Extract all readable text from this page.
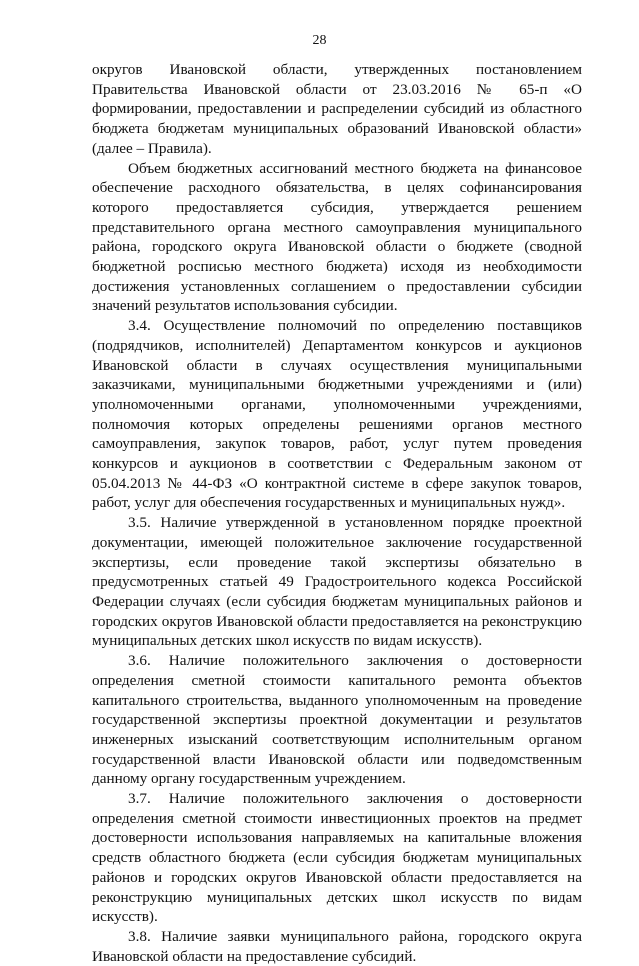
28

округов Ивановской области, утвержденных постановлением Правительства Ивановской области от 23.03.2016 № 65-п «О формировании, предоставлении и распределении субсидий из областного бюджета бюджетам муниципальных образований Ивановской области» (далее – Правила).

Объем бюджетных ассигнований местного бюджета на финансовое обеспечение расходного обязательства, в целях софинансирования которого предоставляется субсидия, утверждается решением представительного органа местного самоуправления муниципального района, городского округа Ивановской области о бюджете (сводной бюджетной росписью местного бюджета) исходя из необходимости достижения установленных соглашением о предоставлении субсидии значений результатов использования субсидии.

3.4. Осуществление полномочий по определению поставщиков (подрядчиков, исполнителей) Департаментом конкурсов и аукционов Ивановской области в случаях осуществления муниципальными заказчиками, муниципальными бюджетными учреждениями и (или) уполномоченными органами, уполномоченными учреждениями, полномочия которых определены решениями органов местного самоуправления, закупок товаров, работ, услуг путем проведения конкурсов и аукционов в соответствии с Федеральным законом от 05.04.2013 № 44-ФЗ «О контрактной системе в сфере закупок товаров, работ, услуг для обеспечения государственных и муниципальных нужд».

3.5. Наличие утвержденной в установленном порядке проектной документации, имеющей положительное заключение государственной экспертизы, если проведение такой экспертизы обязательно в предусмотренных статьей 49 Градостроительного кодекса Российской Федерации случаях (если субсидия бюджетам муниципальных районов и городских округов Ивановской области предоставляется на реконструкцию муниципальных детских школ искусств по видам искусств).

3.6. Наличие положительного заключения о достоверности определения сметной стоимости капитального ремонта объектов капитального строительства, выданного уполномоченным на проведение государственной экспертизы проектной документации и результатов инженерных изысканий соответствующим исполнительным органом государственной власти Ивановской области или подведомственным данному органу государственным учреждением.

3.7. Наличие положительного заключения о достоверности определения сметной стоимости инвестиционных проектов на предмет достоверности использования направляемых на капитальные вложения средств областного бюджета (если субсидия бюджетам муниципальных районов и городских округов Ивановской области предоставляется на реконструкцию муниципальных детских школ искусств по видам искусств).

3.8. Наличие заявки муниципального района, городского округа Ивановской области на предоставление субсидий.
